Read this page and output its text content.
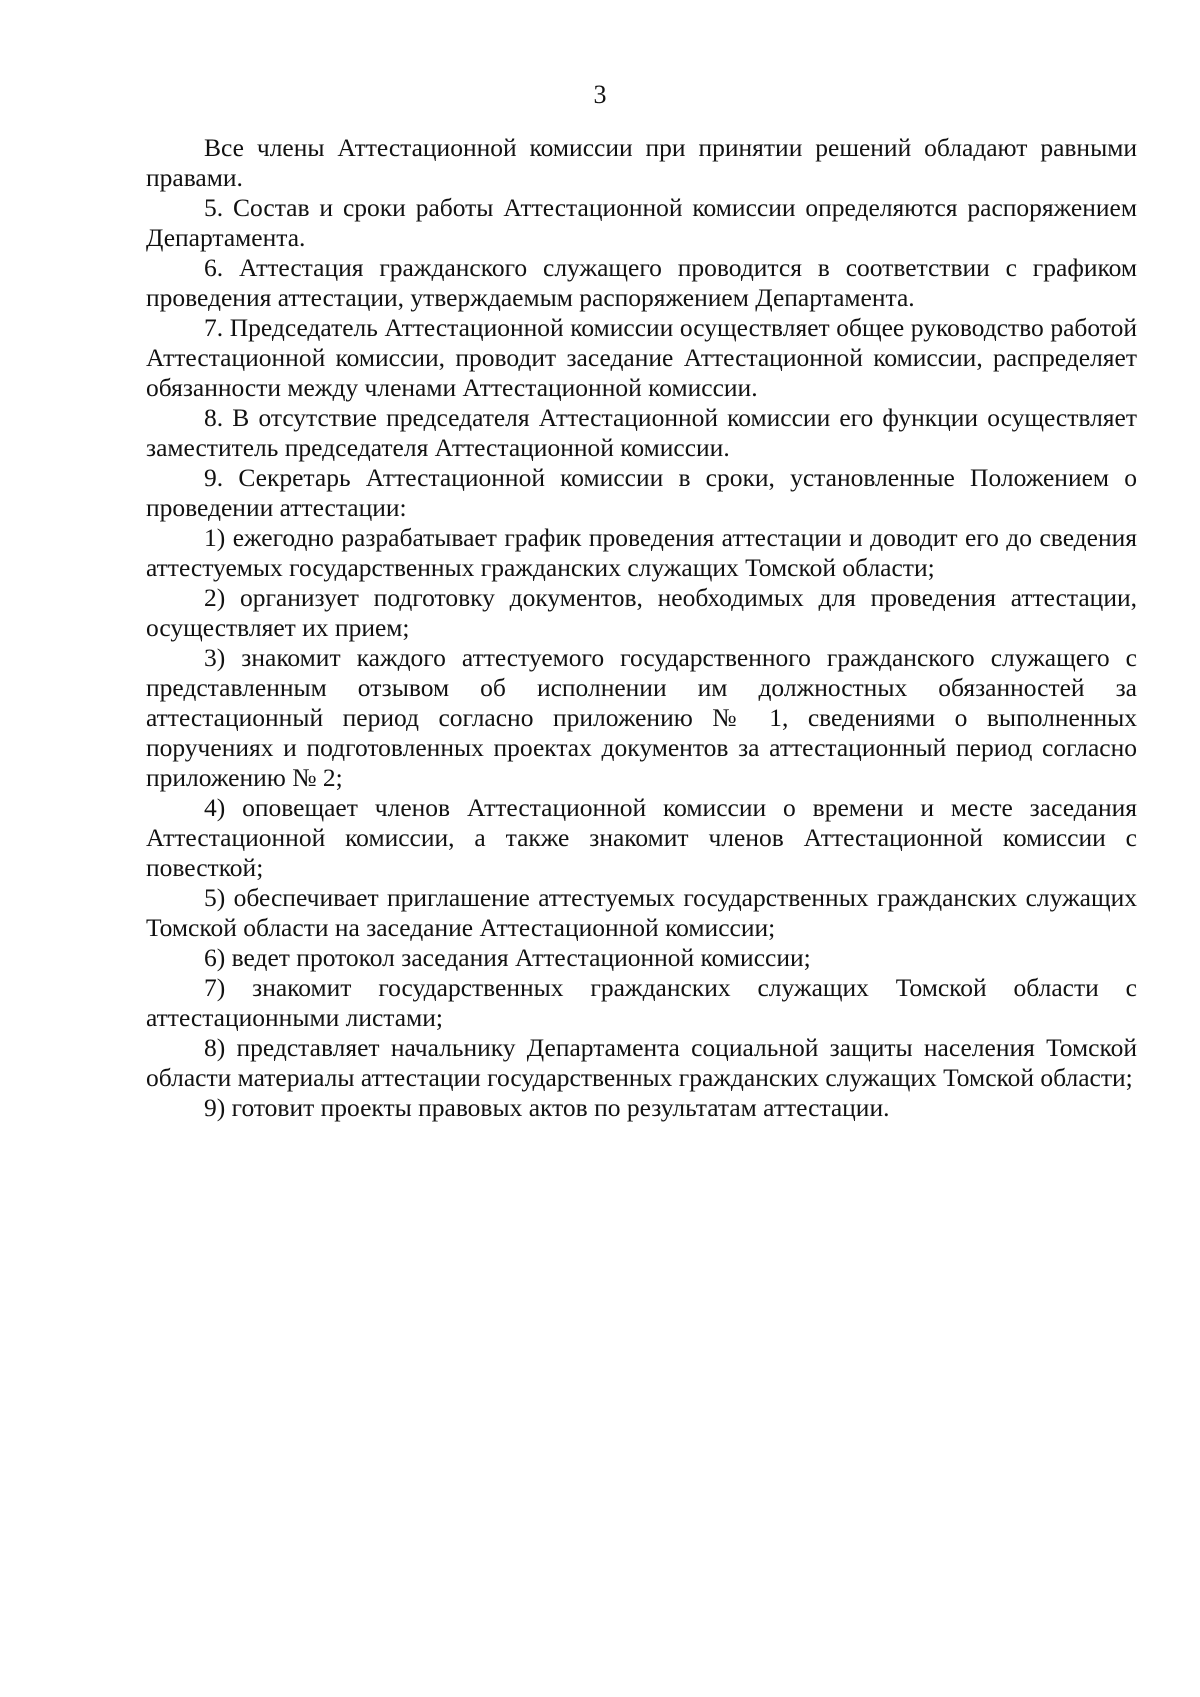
3

Все члены Аттестационной комиссии при принятии решений обладают равными правами.

5. Состав и сроки работы Аттестационной комиссии определяются распоряжением Департамента.

6. Аттестация гражданского служащего проводится в соответствии с графиком проведения аттестации, утверждаемым распоряжением Департамента.

7. Председатель Аттестационной комиссии осуществляет общее руководство работой Аттестационной комиссии, проводит заседание Аттестационной комиссии, распределяет обязанности между членами Аттестационной комиссии.

8. В отсутствие председателя Аттестационной комиссии его функции осуществляет заместитель председателя Аттестационной комиссии.

9. Секретарь Аттестационной комиссии в сроки, установленные Положением о проведении аттестации:

1) ежегодно разрабатывает график проведения аттестации и доводит его до сведения аттестуемых государственных гражданских служащих Томской области;

2) организует подготовку документов, необходимых для проведения аттестации, осуществляет их прием;

3) знакомит каждого аттестуемого государственного гражданского служащего с представленным отзывом об исполнении им должностных обязанностей за аттестационный период согласно приложению № 1, сведениями о выполненных поручениях и подготовленных проектах документов за аттестационный период согласно приложению № 2;

4) оповещает членов Аттестационной комиссии о времени и месте заседания Аттестационной комиссии, а также знакомит членов Аттестационной комиссии с повесткой;

5) обеспечивает приглашение аттестуемых государственных гражданских служащих Томской области на заседание Аттестационной комиссии;

6) ведет протокол заседания Аттестационной комиссии;

7) знакомит государственных гражданских служащих Томской области с аттестационными листами;

8) представляет начальнику Департамента социальной защиты населения Томской области материалы аттестации государственных гражданских служащих Томской области;

9) готовит проекты правовых актов по результатам аттестации.
